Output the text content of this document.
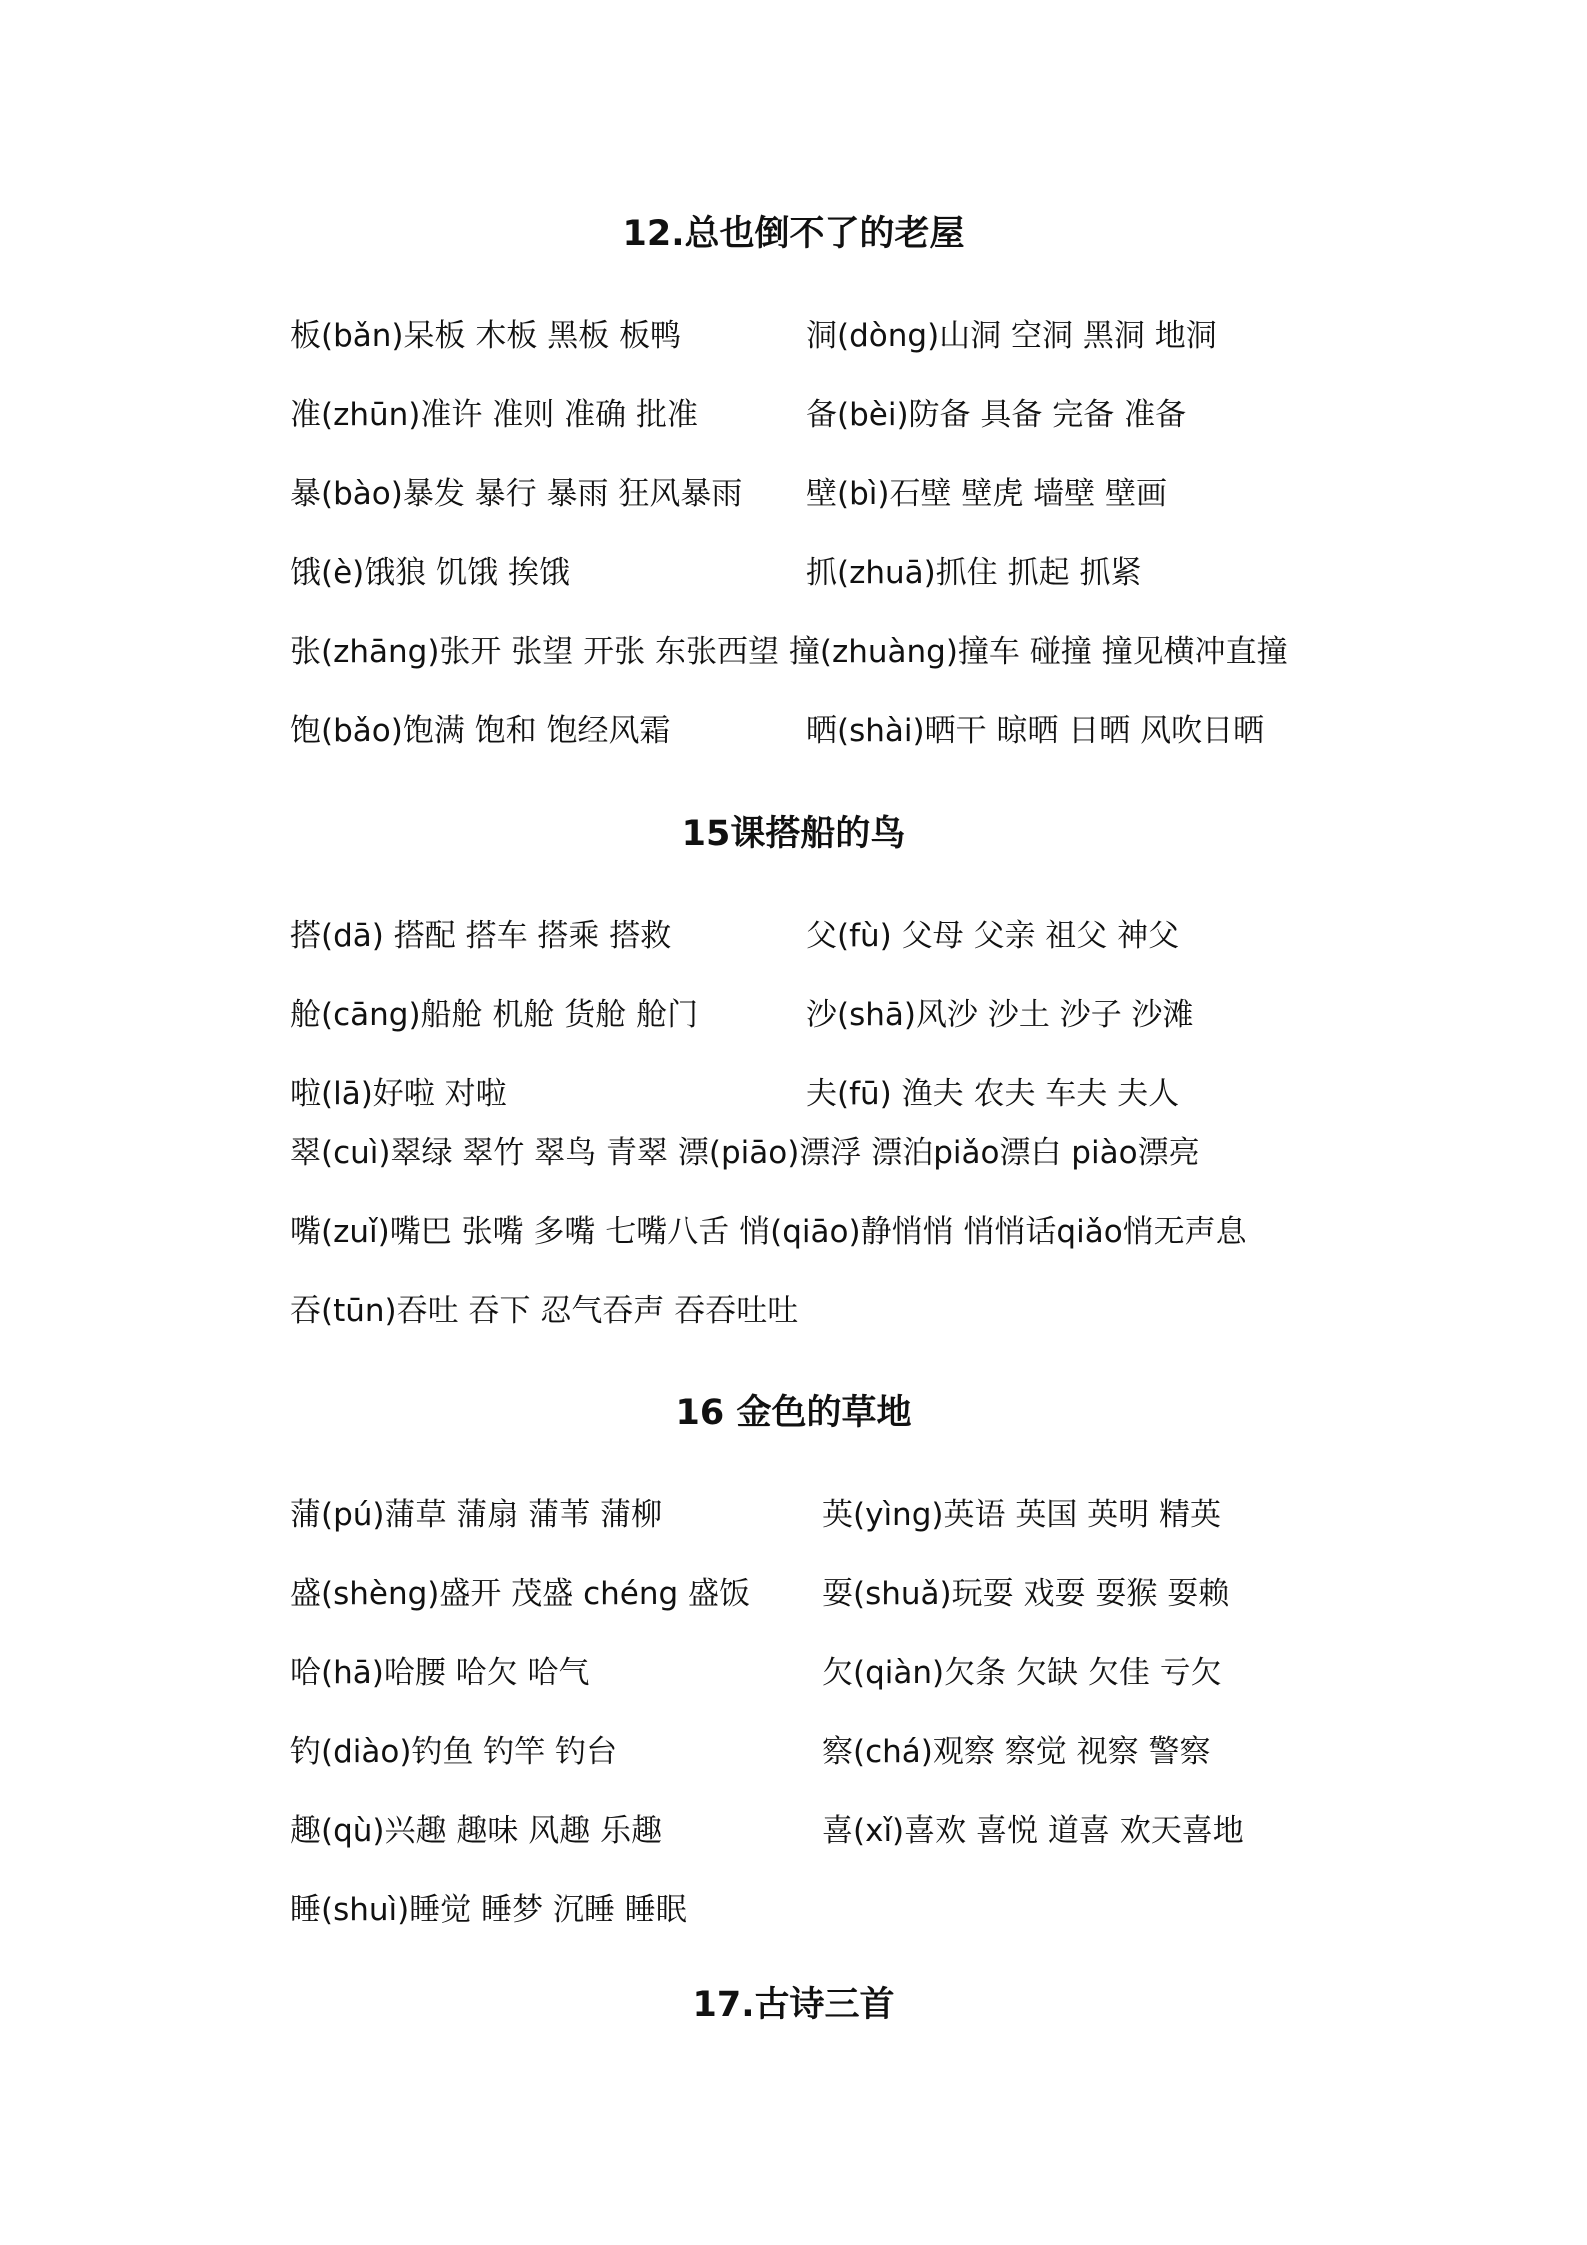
12.总也倒不了的老屋
板(bǎn)呆板 木板 黑板 板鸭	洞(dòng)山洞 空洞 黑洞 地洞
准(zhūn)准许 准则 准确 批准	备(bèi)防备 具备 完备 准备
暴(bào)暴发 暴行 暴雨 狂风暴雨 壁(bì)石壁 壁虎 墙壁 壁画
饿(è)饿狼 饥饿 挨饿	抓(zhuā)抓住 抓起 抓紧
张(zhāng)张开 张望 开张 东张西望 撞(zhuàng)撞车 碰撞 撞见横冲直撞
饱(bǎo)饱满 饱和 饱经风霜	晒(shài)晒干 晾晒 日晒 风吹日晒
15课搭船的鸟
搭(dā) 搭配 搭车 搭乘 搭救	父(fù) 父母 父亲 祖父 神父
舱(cāng)船舱 机舱 货舱 舱门	沙(shā)风沙 沙土 沙子 沙滩
啦(lā)好啦 对啦	夫(fū) 渔夫 农夫 车夫 夫人
翠(cuì)翠绿 翠竹 翠鸟 青翠 漂(piāo)漂浮 漂泊piǎo漂白 piào漂亮
嘴(zuǐ)嘴巴 张嘴 多嘴 七嘴八舌 悄(qiāo)静悄悄 悄悄话qiǎo悄无声息
吞(tūn)吞吐 吞下 忍气吞声 吞吞吐吐
16 金色的草地
蒲(pú)蒲草 蒲扇 蒲苇 蒲柳	英(yìng)英语 英国 英明 精英
盛(shèng)盛开 茂盛 chéng 盛饭 耍(shuǎ)玩耍 戏耍 耍猴 耍赖
哈(hā)哈腰 哈欠 哈气	欠(qiàn)欠条 欠缺 欠佳 亏欠
钓(diào)钓鱼 钓竿 钓台	察(chá)观察 察觉 视察 警察
趣(qù)兴趣 趣味 风趣 乐趣	喜(xǐ)喜欢 喜悦 道喜 欢天喜地
睡(shuì)睡觉 睡梦 沉睡 睡眠
17.古诗三首
